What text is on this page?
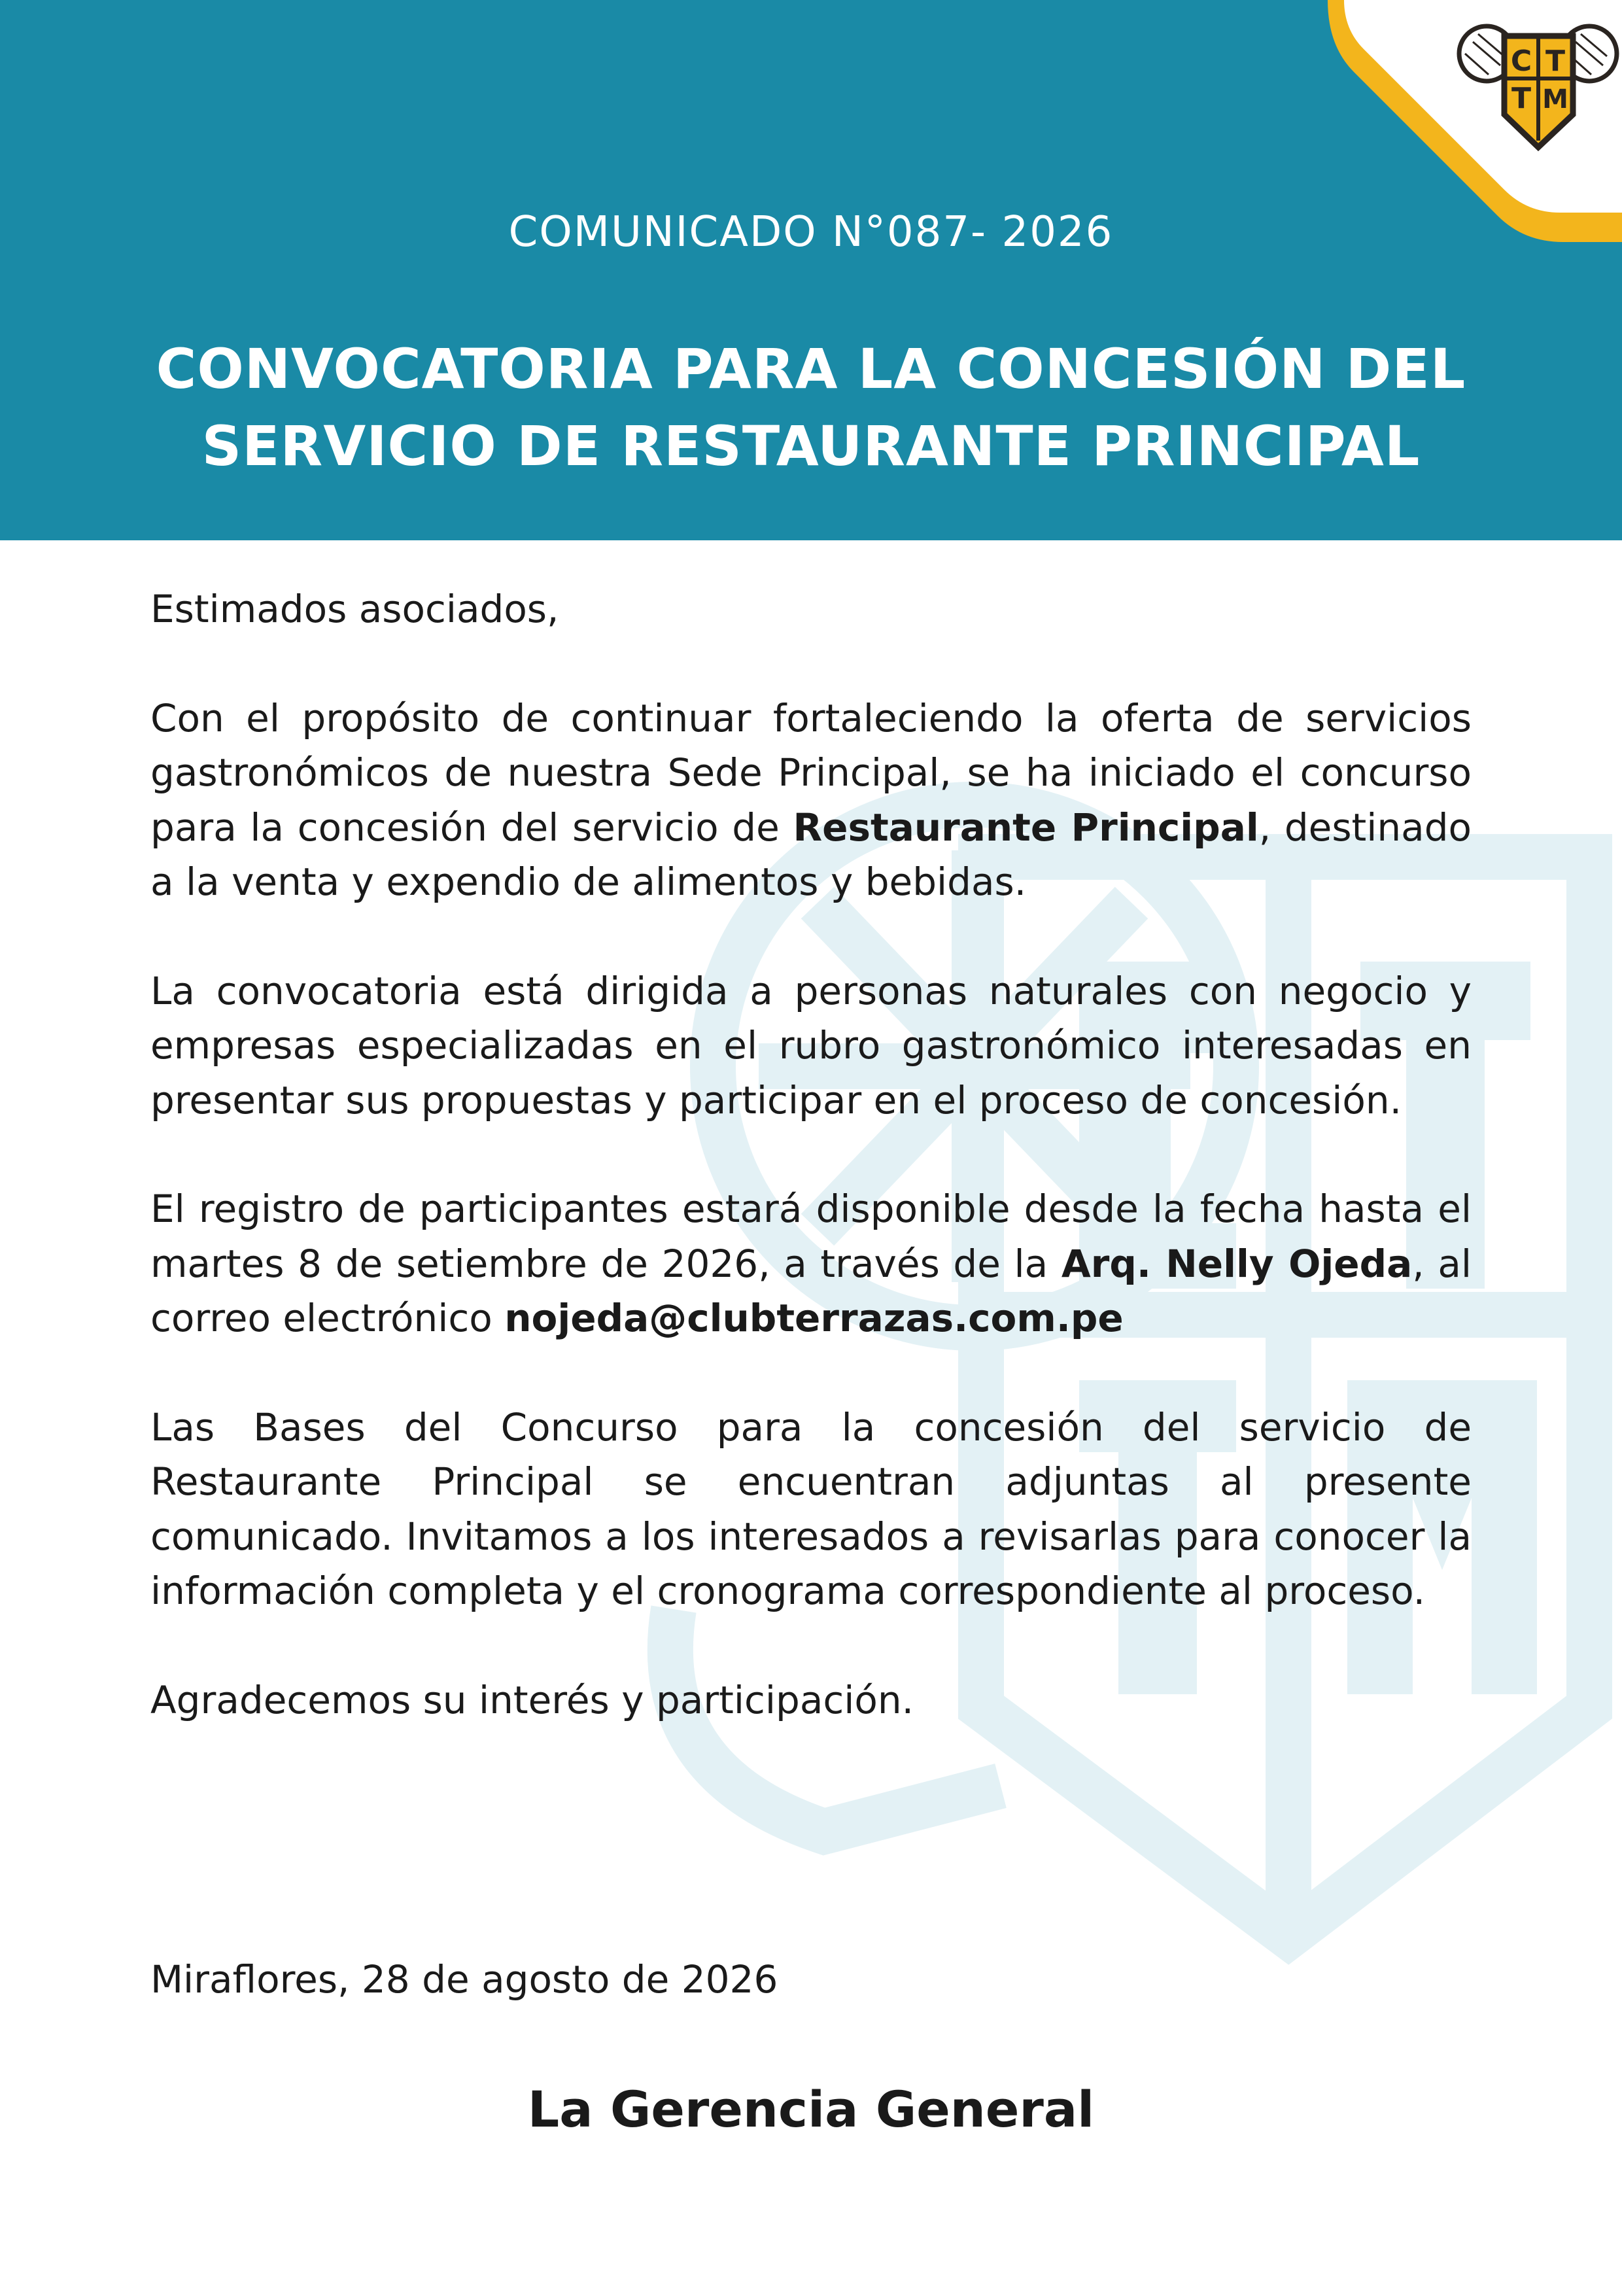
C T
T M
COMUNICADO N°087- 2026
CONVOCATORIA PARA LA CONCESIÓN DEL
SERVICIO DE RESTAURANTE PRINCIPAL

Estimados asociados,

Con el propósito de continuar fortaleciendo la oferta de servicios gastronómicos de nuestra Sede Principal, se ha iniciado el concurso para la concesión del servicio de Restaurante Principal, destinado a la venta y expendio de alimentos y bebidas.

La convocatoria está dirigida a personas naturales con negocio y empresas especializadas en el rubro gastronómico interesadas en presentar sus propuestas y participar en el proceso de concesión.

El registro de participantes estará disponible desde la fecha hasta el martes 8 de setiembre de 2026, a través de la Arq. Nelly Ojeda, al correo electrónico nojeda@clubterrazas.com.pe

Las Bases del Concurso para la concesión del servicio de Restaurante Principal se encuentran adjuntas al presente comunicado. Invitamos a los interesados a revisarlas para conocer la información completa y el cronograma correspondiente al proceso.

Agradecemos su interés y participación.

Miraflores, 28 de agosto de 2026
La Gerencia General
